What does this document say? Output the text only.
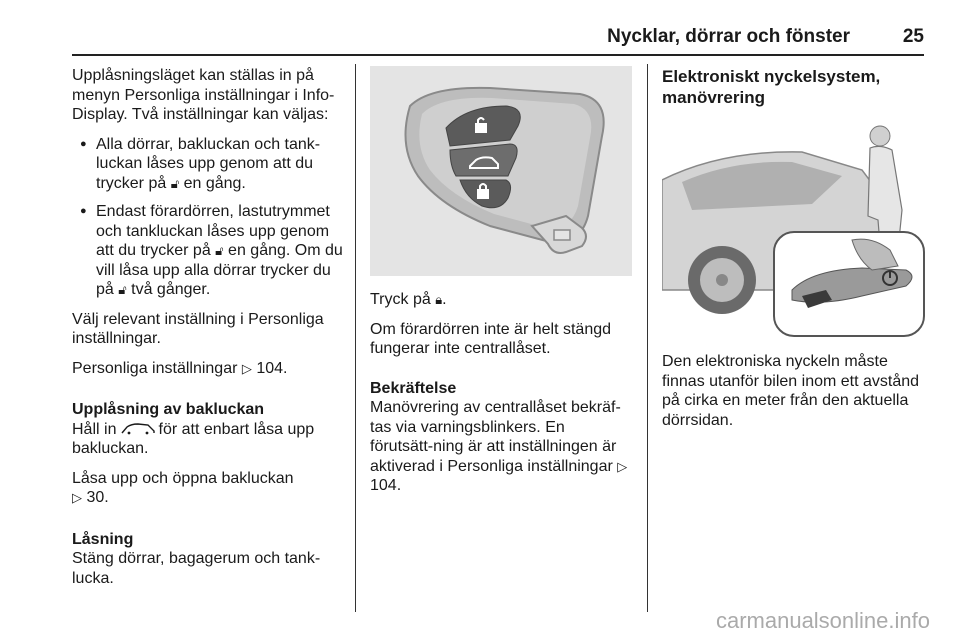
Nycklar, dörrar och fönster	25

Upplåsningsläget kan ställas in på menyn Personliga inställningar i Info-Display. Två inställningar kan väljas:

● Alla dörrar, bakluckan och tank-luckan låses upp genom att du trycker på 🔓︎ en gång.
● Endast förardörren, lastutrymmet och tankluckan låses upp genom att du trycker på 🔓︎ en gång. Om du vill låsa upp alla dörrar trycker du på 🔓︎ två gånger.

Välj relevant inställning i Personliga inställningar.

Personliga inställningar ▷ 104.

Upplåsning av bakluckan

Håll in  för att enbart låsa upp bakluckan.

Låsa upp och öppna bakluckan
▷ 30.

Låsning

Stäng dörrar, bagagerum och tank-lucka.

Tryck på 🔒︎.

Om förardörren inte är helt stängd fungerar inte centrallåset.

Bekräftelse

Manövrering av centrallåset bekräf-tas via varningsblinkers. En förutsätt-ning är att inställningen är aktiverad i Personliga inställningar ▷ 104.

Elektroniskt nyckelsystem, manövrering

Den elektroniska nyckeln måste finnas utanför bilen inom ett avstånd på cirka en meter från den aktuella dörrsidan.

carmanualsonline.info
